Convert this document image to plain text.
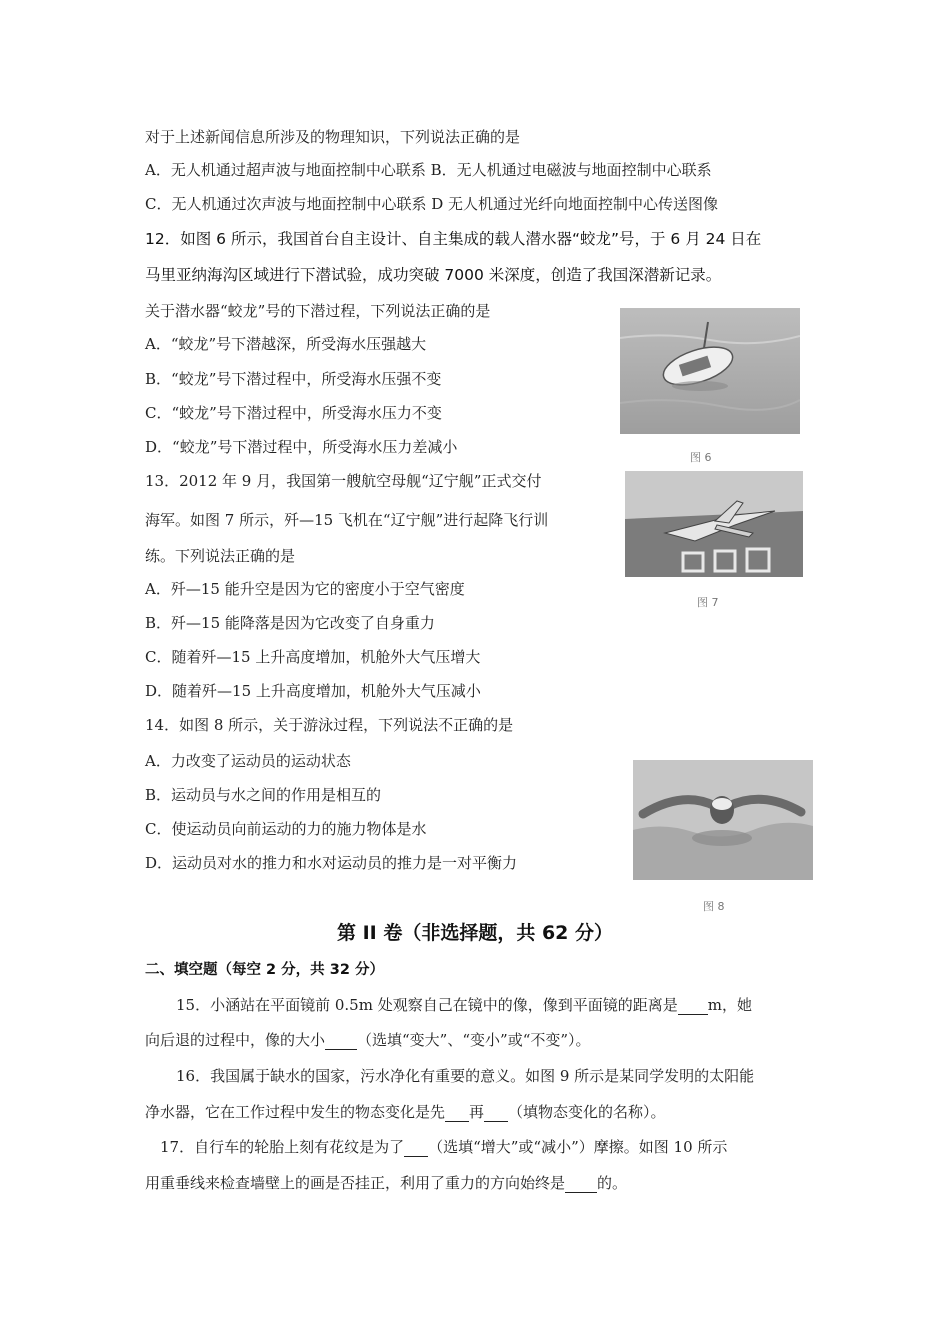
对于上述新闻信息所涉及的物理知识，下列说法正确的是
A．无人机通过超声波与地面控制中心联系 B．无人机通过电磁波与地面控制中心联系
C．无人机通过次声波与地面控制中心联系 D 无人机通过光纤向地面控制中心传送图像
12．如图 6 所示，我国首台自主设计、自主集成的载人潜水器“蛟龙”号，于 6 月 24 日在
马里亚纳海沟区域进行下潜试验，成功突破 7000 米深度，创造了我国深潜新记录。
关于潜水器“蛟龙”号的下潜过程，下列说法正确的是
A．“蛟龙”号下潜越深，所受海水压强越大
B．“蛟龙”号下潜过程中，所受海水压强不变
C．“蛟龙”号下潜过程中，所受海水压力不变
D．“蛟龙”号下潜过程中，所受海水压力差减小
图 6
13．2012 年 9 月，我国第一艘航空母舰“辽宁舰”正式交付
海军。如图 7 所示，歼—15 飞机在“辽宁舰”进行起降飞行训
练。下列说法正确的是
A．歼—15 能升空是因为它的密度小于空气密度
B．歼—15 能降落是因为它改变了自身重力
C．随着歼—15 上升高度增加，机舱外大气压增大
D．随着歼—15 上升高度增加，机舱外大气压减小
图 7
14．如图 8 所示，关于游泳过程，下列说法不正确的是
A．力改变了运动员的运动状态
B．运动员与水之间的作用是相互的
C．使运动员向前运动的力的施力物体是水
D．运动员对水的推力和水对运动员的推力是一对平衡力
图 8
第 II 卷（非选择题，共 62 分）
二、填空题（每空 2 分，共 32 分）
15．小涵站在平面镜前 0.5m 处观察自己在镜中的像，像到平面镜的距离是 m，她
向后退的过程中，像的大小 （选填“变大”、“变小”或“不变”）。
16．我国属于缺水的国家，污水净化有重要的意义。如图 9 所示是某同学发明的太阳能
净水器，它在工作过程中发生的物态变化是先 再 （填物态变化的名称）。
17．自行车的轮胎上刻有花纹是为了 （选填“增大”或“减小”）摩擦。如图 10 所示
用重垂线来检查墙壁上的画是否挂正，利用了重力的方向始终是 的。
